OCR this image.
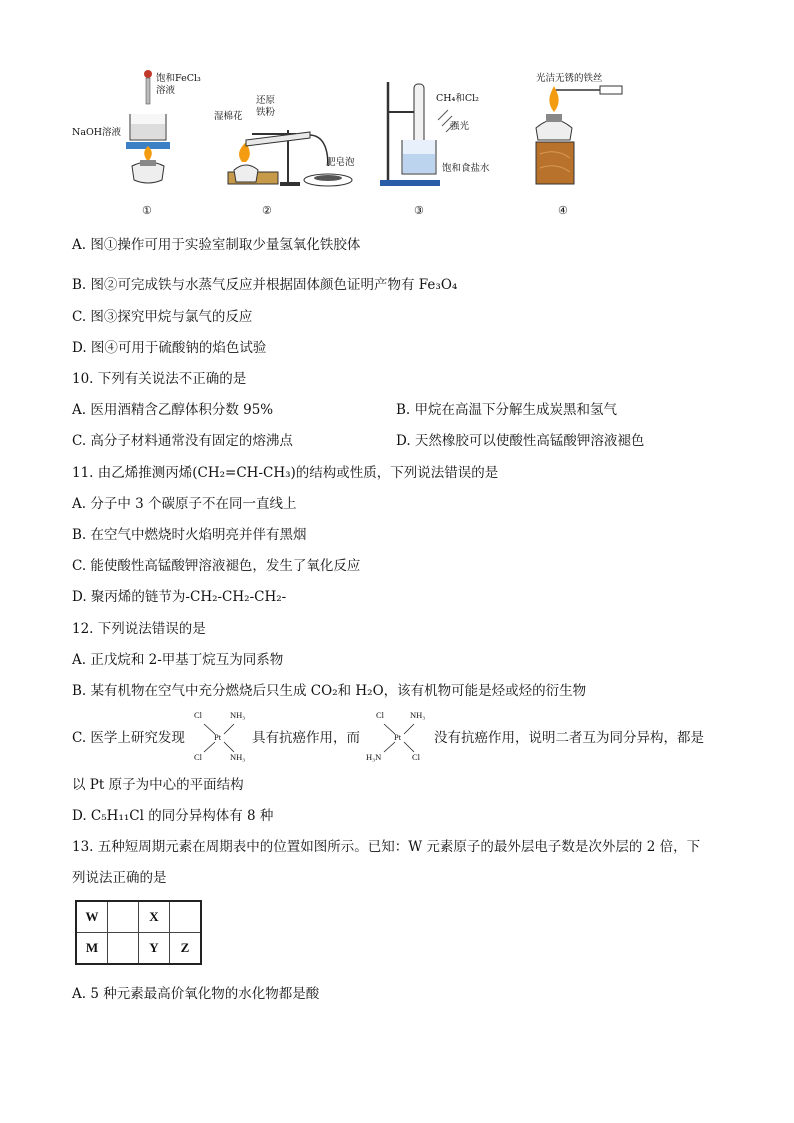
饱和FeCl₃
溶液
NaOH溶液
①
湿棉花
还原
铁粉
肥皂泡
②
CH₄和Cl₂
强光
饱和食盐水
③
光洁无锈的铁丝
④
A. 图①操作可用于实验室制取少量氢氧化铁胶体
B. 图②可完成铁与水蒸气反应并根据固体颜色证明产物有 Fe₃O₄
C. 图③探究甲烷与氯气的反应
D. 图④可用于硫酸钠的焰色试验
10. 下列有关说法不正确的是
A. 医用酒精含乙醇体积分数 95%	B. 甲烷在高温下分解生成炭黑和氢气
C. 高分子材料通常没有固定的熔沸点	D. 天然橡胶可以使酸性高锰酸钾溶液褪色
11. 由乙烯推测丙烯(CH₂=CH-CH₃)的结构或性质，下列说法错误的是
A. 分子中 3 个碳原子不在同一直线上
B. 在空气中燃烧时火焰明亮并伴有黑烟
C. 能使酸性高锰酸钾溶液褪色，发生了氧化反应
D. 聚丙烯的链节为-CH₂-CH₂-CH₂-
12. 下列说法错误的是
A. 正戊烷和 2-甲基丁烷互为同系物
B. 某有机物在空气中充分燃烧后只生成 CO₂和 H₂O，该有机物可能是烃或烃的衍生物
C. 医学上研究发现
Cl	NH₃
Pt
Cl	NH₃
具有抗癌作用，而
Cl	NH₃
Pt
H₃N	Cl
没有抗癌作用，说明二者互为同分异构，都是
以 Pt 原子为中心的平面结构
D. C₅H₁₁Cl 的同分异构体有 8 种
13. 五种短周期元素在周期表中的位置如图所示。已知：W 元素原子的最外层电子数是次外层的 2 倍，下
列说法正确的是
W		X	
M		Y	Z
A. 5 种元素最高价氧化物的水化物都是酸
